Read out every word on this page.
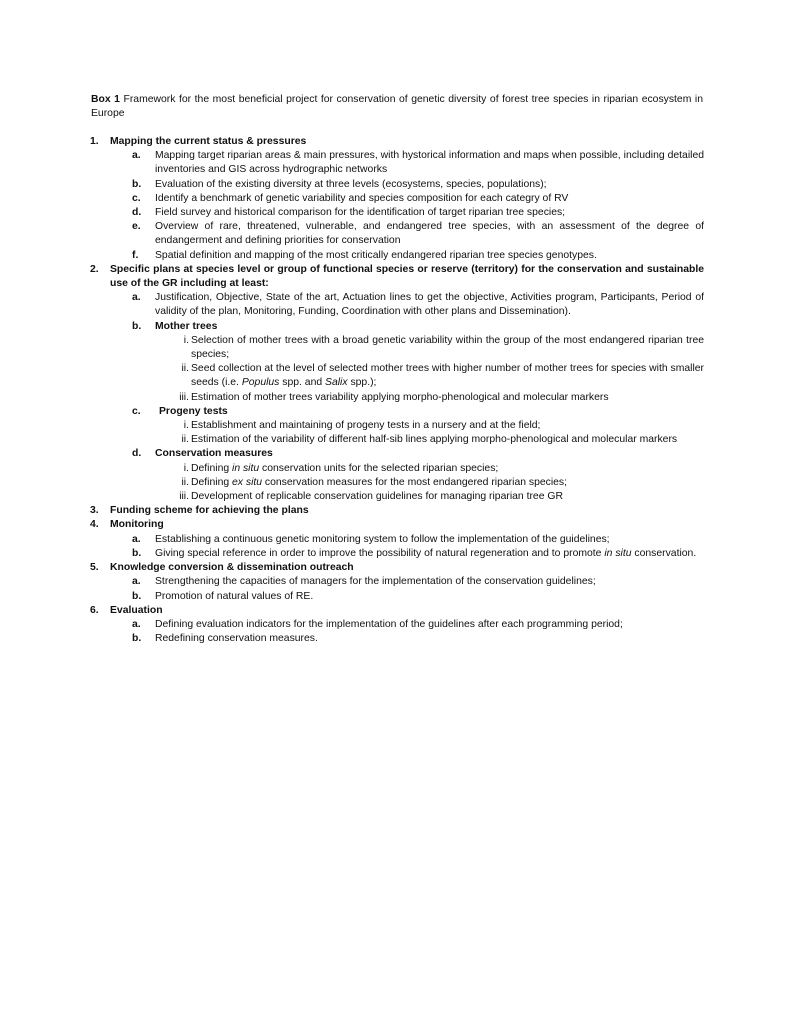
Box 1 Framework for the most beneficial project for conservation of genetic diversity of forest tree species in riparian ecosystem in Europe
1. Mapping the current status & pressures
a. Mapping target riparian areas & main pressures, with hystorical information and maps when possible, including detailed inventories and GIS across hydrographic networks
b. Evaluation of the existing diversity at three levels (ecosystems, species, populations);
c. Identify a benchmark of genetic variability and species composition for each categry of RV
d. Field survey and historical comparison for the identification of target riparian tree species;
e. Overview of rare, threatened, vulnerable, and endangered tree species, with an assessment of the degree of endangerment and defining priorities for conservation
f. Spatial definition and mapping of the most critically endangered riparian tree species genotypes.
2. Specific plans at species level or group of functional species or reserve (territory) for the conservation and sustainable use of the GR including at least:
a. Justification, Objective, State of the art, Actuation lines to get the objective, Activities program, Participants, Period of validity of the plan, Monitoring, Funding, Coordination with other plans and Dissemination).
b. Mother trees
i. Selection of mother trees with a broad genetic variability within the group of the most endangered riparian tree species;
ii. Seed collection at the level of selected mother trees with higher number of mother trees for species with smaller seeds (i.e. Populus spp. and Salix spp.);
iii. Estimation of mother trees variability applying morpho-phenological and molecular markers
c.	Progeny tests
i. Establishment and maintaining of progeny tests in a nursery and at the field;
ii. Estimation of the variability of different half-sib lines applying morpho-phenological and molecular markers
d. Conservation measures
i. Defining in situ conservation units for the selected riparian species;
ii. Defining ex situ conservation measures for the most endangered riparian species;
iii. Development of replicable conservation guidelines for managing riparian tree GR
3. Funding scheme for achieving the plans
4. Monitoring
a. Establishing a continuous genetic monitoring system to follow the implementation of the guidelines;
b. Giving special reference in order to improve the possibility of natural regeneration and to promote in situ conservation.
5. Knowledge conversion & dissemination outreach
a. Strengthening the capacities of managers for the implementation of the conservation guidelines;
b. Promotion of natural values of RE.
6. Evaluation
a. Defining evaluation indicators for the implementation of the guidelines after each programming period;
b. Redefining conservation measures.
